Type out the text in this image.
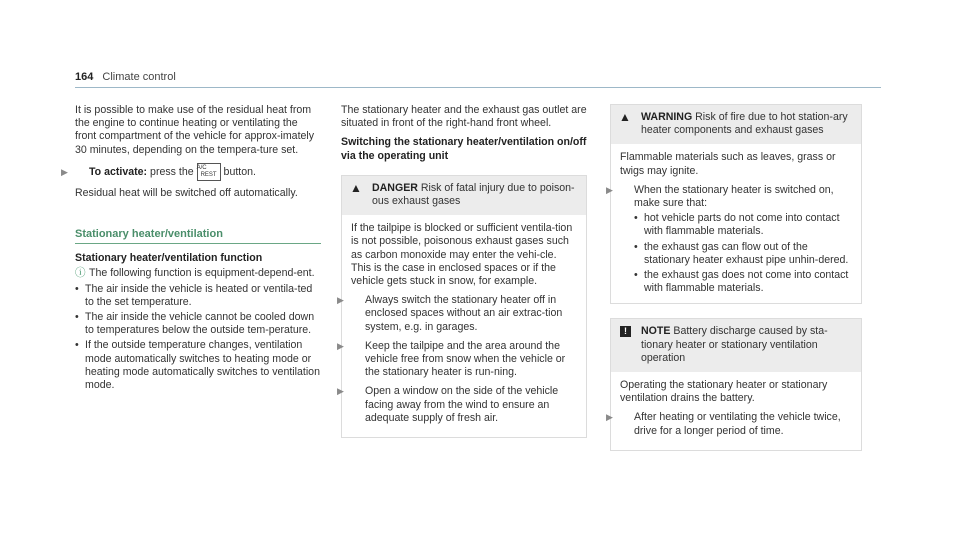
164 Climate control

It is possible to make use of the residual heat from the engine to continue heating or ventilating the front compartment of the vehicle for approx-imately 30 minutes, depending on the tempera-ture set.

▶ To activate: press the A/C
REST button.

Residual heat will be switched off automatically.

Stationary heater/ventilation
Stationary heater/ventilation function
ⓘ The following function is equipment-depend-ent.
• The air inside the vehicle is heated or ventila-ted to the set temperature.
• The air inside the vehicle cannot be cooled down to temperatures below the outside tem-perature.
• If the outside temperature changes, ventilation mode automatically switches to heating mode or heating mode automatically switches to ventilation mode.

The stationary heater and the exhaust gas outlet are situated in front of the right-hand front wheel.

Switching the stationary heater/ventilation on/off via the operating unit

▲ DANGER Risk of fatal injury due to poison-ous exhaust gases

If the tailpipe is blocked or sufficient ventila-tion is not possible, poisonous exhaust gases such as carbon monoxide may enter the vehi-cle. This is the case in enclosed spaces or if the vehicle gets stuck in snow, for example.

▶ Always switch the stationary heater off in enclosed spaces without an air extrac-tion system, e.g. in garages.

▶ Keep the tailpipe and the area around the vehicle free from snow when the vehicle or the stationary heater is run-ning.

▶ Open a window on the side of the vehicle facing away from the wind to ensure an adequate supply of fresh air.

▲ WARNING Risk of fire due to hot station-ary heater components and exhaust gases

Flammable materials such as leaves, grass or twigs may ignite.

▶ When the stationary heater is switched on, make sure that:

• hot vehicle parts do not come into contact with flammable materials.
• the exhaust gas can flow out of the stationary heater exhaust pipe unhin-dered.
• the exhaust gas does not come into contact with flammable materials.
!	NOTE Battery discharge caused by sta-tionary heater or stationary ventilation operation

Operating the stationary heater or stationary ventilation drains the battery.

▶ After heating or ventilating the vehicle twice, drive for a longer period of time.
